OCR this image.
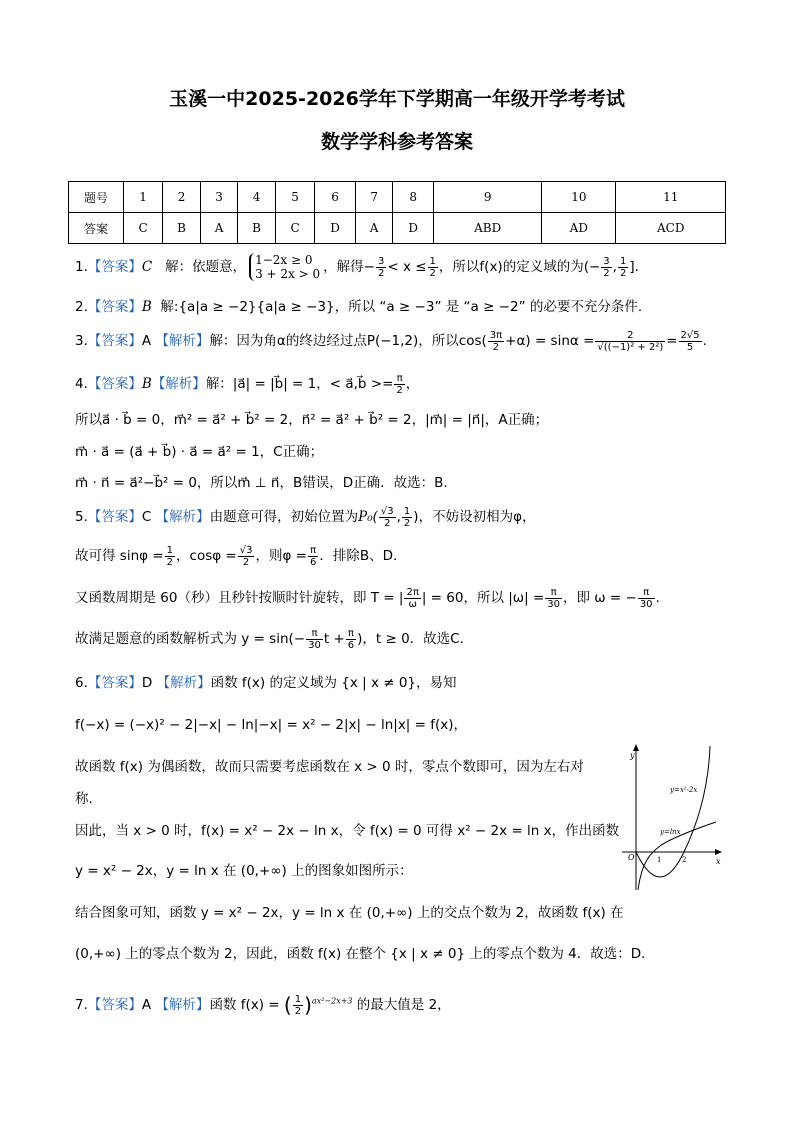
玉溪一中2025-2026学年下学期高一年级开学考考试
数学学科参考答案
题号	1	2	3	4	5	6	7	8	9	10	11
答案	C	B	A	B	C	D	A	D	ABD	AD	ACD
1.【答案】C 解：依题意， 1−2x ≥ 0
3 + 2x > 0 ，解得− $\frac{3}{2} < x \le \frac{1}{2}$ ，所以f(x)的定义域的为(− $\frac{3}{2}$ , $\frac{1}{2}$ ].
2.【答案】B 解:{a|a ≥ −2}{a|a ≥ −3}，所以 “a ≥ −3” 是 “a ≥ −2” 的必要不充分条件.
3.【答案】A 【解析】解：因为角α的终边经过点P(−1,2)，所以$\cos( \frac{3\pi}{2} +\alpha) = \sin\alpha = \frac{2}{\text{√((−1)² + 2²)}} = \frac{2√5}{5}$ .
4.【答案】B【解析】解：|a⃗| = |b⃗| = 1，< a⃗,b⃗ >= $\frac{\pi}{2}$ ，
所以a⃗ · b⃗ = 0，m⃗² = a⃗² + b⃗² = 2，n⃗² = a⃗² + b⃗² = 2，|m⃗| = |n⃗|，A正确；
m⃗ · a⃗ = (a⃗ + b⃗) · a⃗ = a⃗² = 1，C正确；
m⃗ · n⃗ = a⃗²−b⃗² = 0，所以m⃗ ⊥ n⃗，B错误，D正确．故选：B.
5.【答案】C 【解析】由题意可得，初始位置为$P_0( \frac{√3}{2}$ , $\frac{1}{2}$ )，不妨设初相为φ，
故可得 $\sin\varphi = \frac{1}{2}$ ，$\cos\varphi = \frac{√3}{2}$ ，则$\varphi = \frac{\pi}{6}$ ．排除B、D．
又函数周期是 60（秒）且秒针按顺时针旋转，即 T = | $\frac{2\pi}{\omega}$ | = 60，所以 $|\omega| = \frac{\pi}{30}$ ，即 ω = − $\frac{\pi}{30}$ .
故满足题意的函数解析式为 $y = \sin(- \frac{\pi}{30}$ $t + \frac{\pi}{6}$ )，t ≥ 0．故选C．
6.【答案】D 【解析】函数 f(x) 的定义域为 {x | x ≠ 0}，易知
f(−x) = (−x)² − 2|−x| − ln|−x| = x² − 2|x| − ln|x| = f(x)，
故函数 f(x) 为偶函数，故而只需要考虑函数在 x > 0 时，零点个数即可，因为左右对
称.
因此，当 x > 0 时，f(x) = x² − 2x − ln x，令 f(x) = 0 可得 x² − 2x = ln x，作出函数
y = x² − 2x，y = ln x 在 (0,+∞) 上的图象如图所示：
结合图象可知，函数 y = x² − 2x，y = ln x 在 (0,+∞) 上的交点个数为 2，故函数 f(x) 在
(0,+∞) 上的零点个数为 2，因此，函数 f(x) 在整个 {x | x ≠ 0} 上的零点个数为 4．故选：D．
y
x
O	1	2
y=x²-2x
y=lnx
7.【答案】A 【解析】函数 f(x) = ( $\frac{1}{2} )^{ax^2-2x+3}$ 的最大值是 2，
